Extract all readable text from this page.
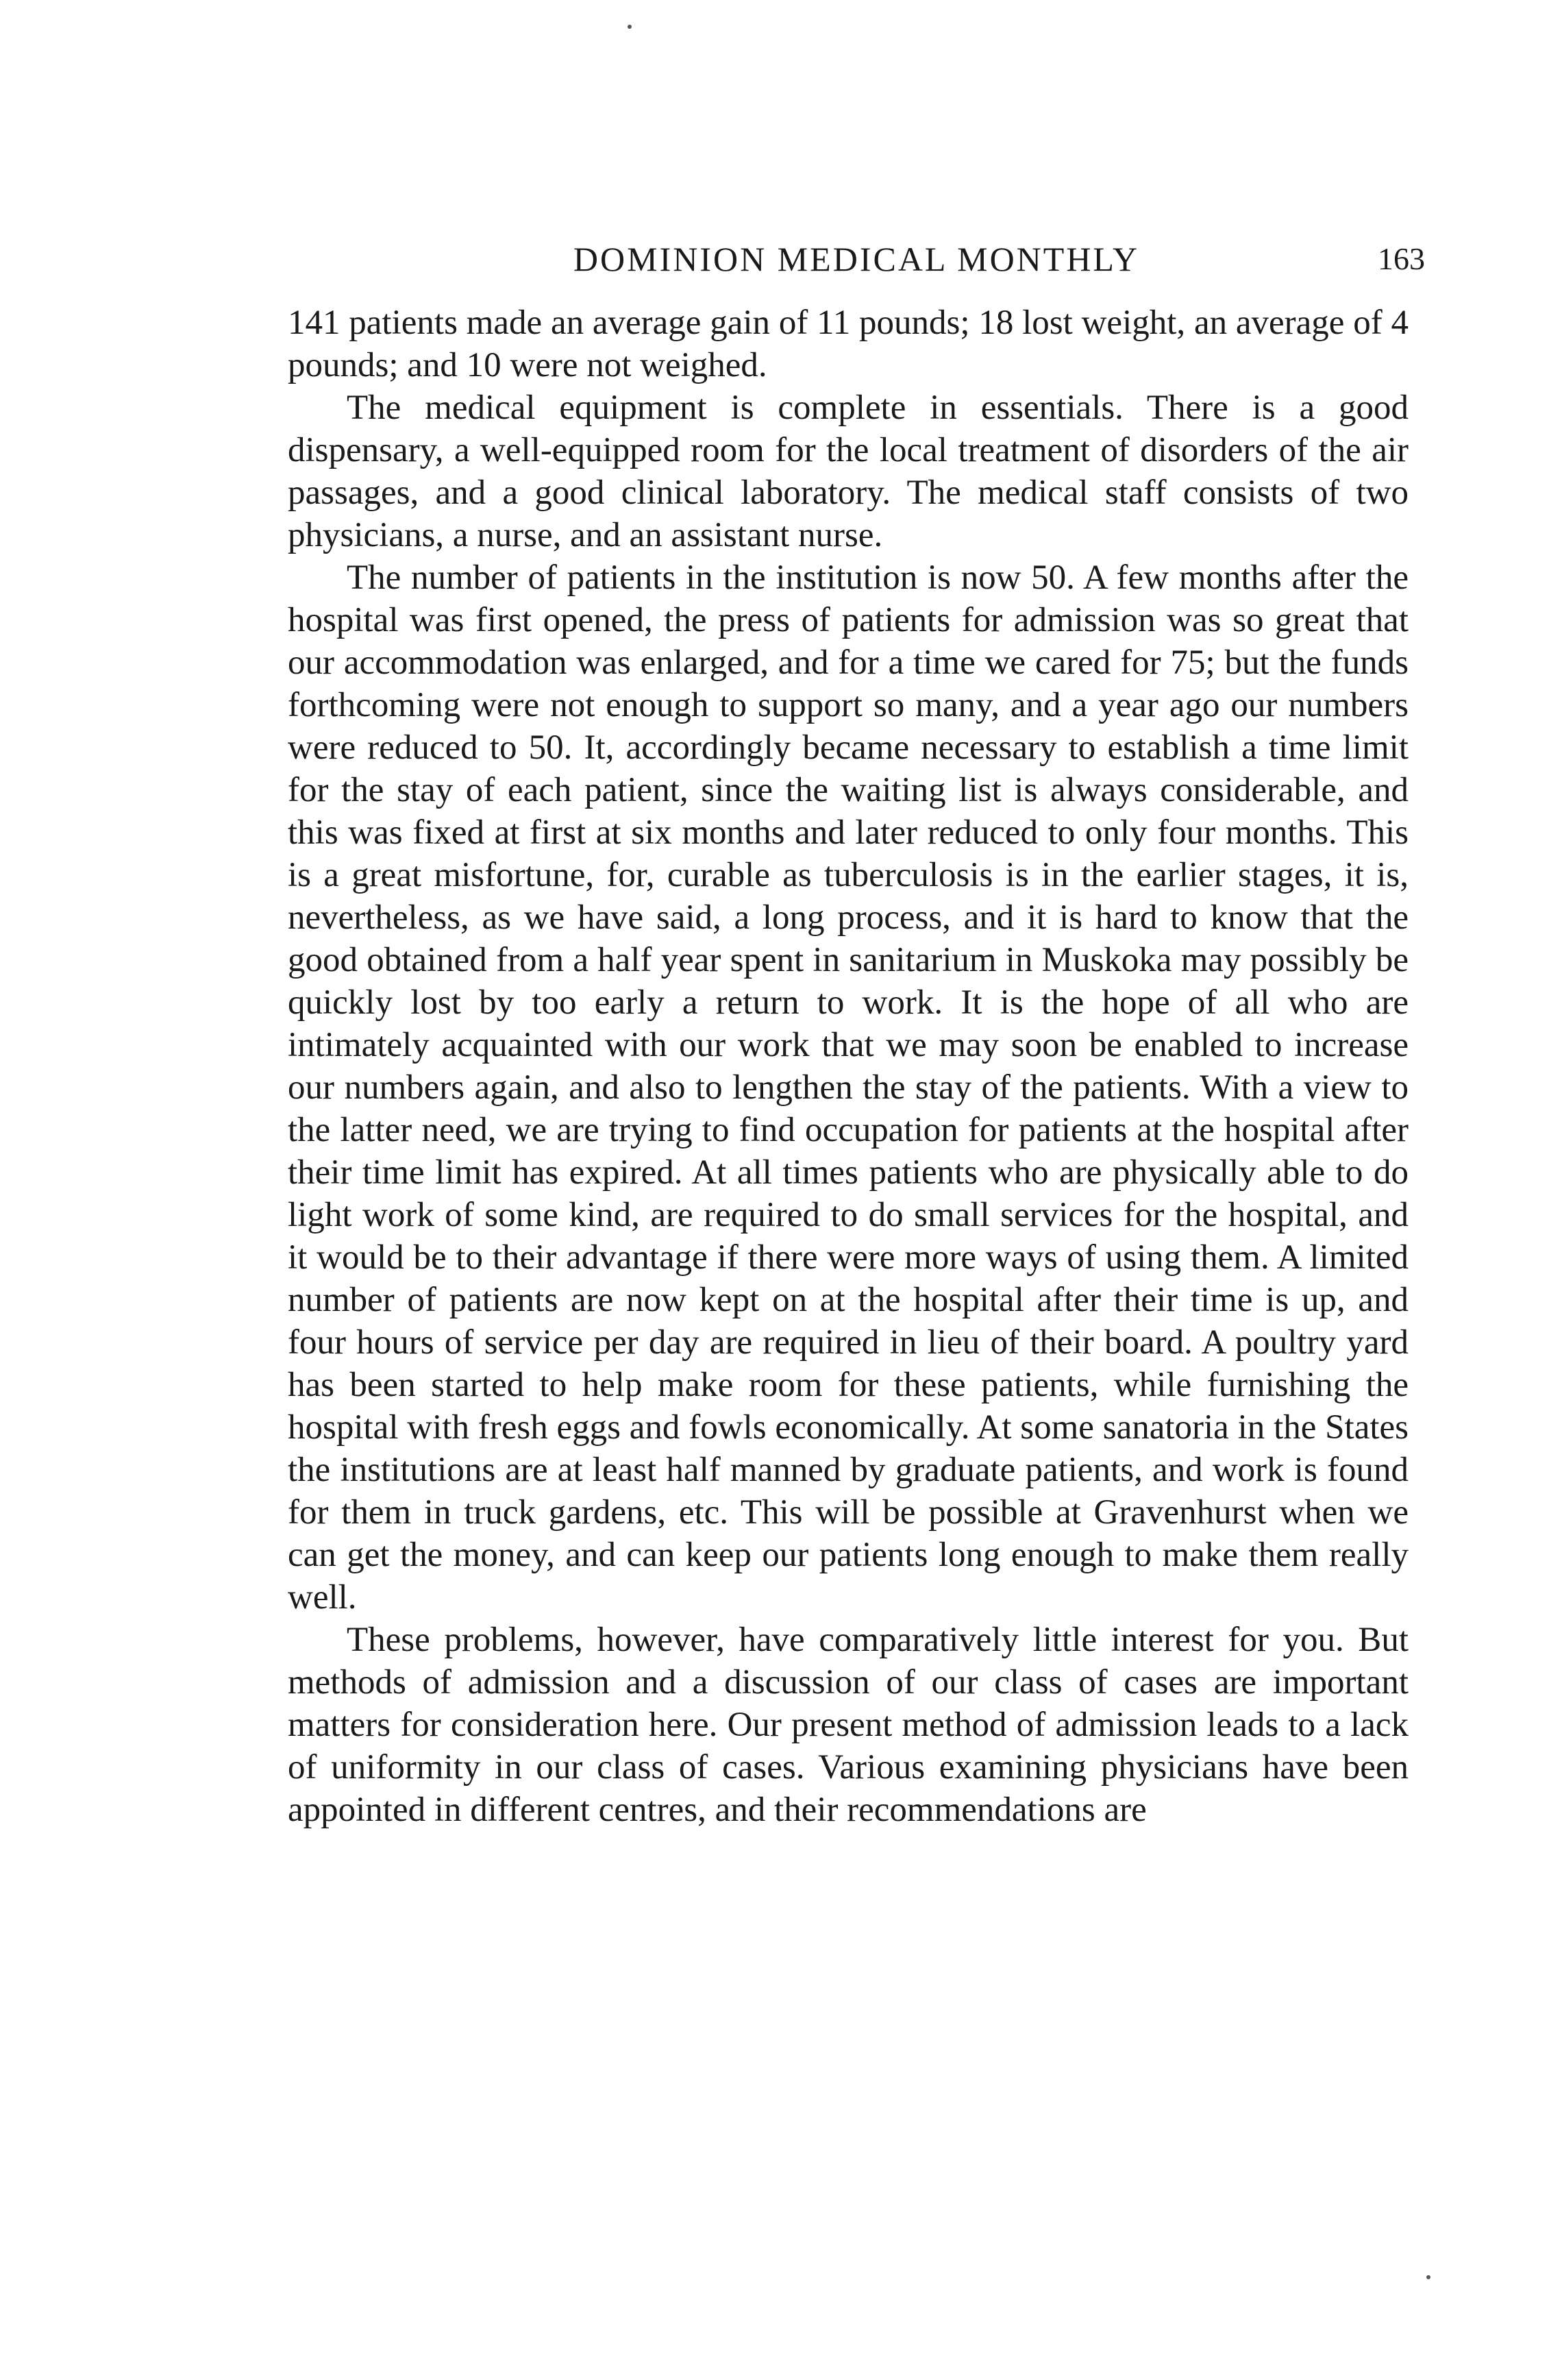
DOMINION MEDICAL MONTHLY	163

141 patients made an average gain of 11 pounds; 18 lost weight, an average of 4 pounds; and 10 were not weighed.

The medical equipment is complete in essentials. There is a good dispensary, a well-equipped room for the local treatment of disorders of the air passages, and a good clinical laboratory. The medical staff consists of two physicians, a nurse, and an assistant nurse.

The number of patients in the institution is now 50. A few months after the hospital was first opened, the press of patients for admission was so great that our accommodation was enlarged, and for a time we cared for 75; but the funds forthcoming were not enough to support so many, and a year ago our numbers were reduced to 50. It, accordingly became necessary to establish a time limit for the stay of each patient, since the waiting list is always considerable, and this was fixed at first at six months and later reduced to only four months. This is a great misfortune, for, curable as tuberculosis is in the earlier stages, it is, nevertheless, as we have said, a long process, and it is hard to know that the good obtained from a half year spent in sanitarium in Muskoka may possibly be quickly lost by too early a return to work. It is the hope of all who are intimately acquainted with our work that we may soon be enabled to increase our numbers again, and also to lengthen the stay of the patients. With a view to the latter need, we are trying to find occupation for patients at the hospital after their time limit has expired. At all times patients who are physically able to do light work of some kind, are required to do small services for the hospital, and it would be to their advantage if there were more ways of using them. A limited number of patients are now kept on at the hospital after their time is up, and four hours of service per day are required in lieu of their board. A poultry yard has been started to help make room for these patients, while furnishing the hospital with fresh eggs and fowls economically. At some sanatoria in the States the institutions are at least half manned by graduate patients, and work is found for them in truck gardens, etc. This will be possible at Gravenhurst when we can get the money, and can keep our patients long enough to make them really well.

These problems, however, have comparatively little interest for you. But methods of admission and a discussion of our class of cases are important matters for consideration here. Our present method of admission leads to a lack of uniformity in our class of cases. Various examining physicians have been appointed in different centres, and their recommendations are
